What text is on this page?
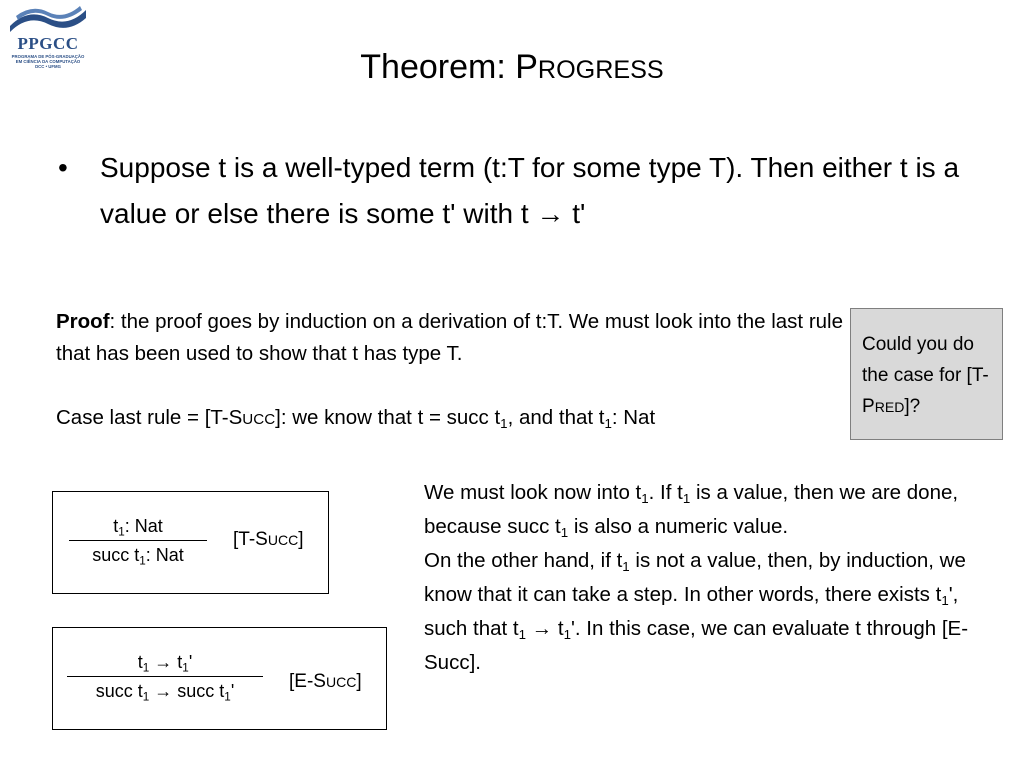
PPGCC
PROGRAMA DE PÓS-GRADUAÇÃO
EM CIÊNCIA DA COMPUTAÇÃO
DCC • UFMG	Theorem: PROGRESS
• Suppose t is a well-typed term (t:T for some type T). Then either t is a value or else there is some t' with t → t'

Proof: the proof goes by induction on a derivation of t:T. We must look into the last rule that has been used to show that t has type T.

Case last rule = [T-SUCC]: we know that t = succ $t_1$, and that $t_1$: Nat

Could you do the case for [T-PRED]?
$t_1$: Nat
succ $t_1$: Nat
[T-SUCC]
$t_1 \to t_1'$
succ $t_1$ → succ $t_1'$	[E-SUCC]

We must look now into $t_1$. If $t_1$ is a value, then we are done, because succ $t_1$ is also a numeric value.

On the other hand, if $t_1$ is not a value, then, by induction, we know that it can take a step. In other words, there exists $t_1'$, such that $t_1 \to t_1'$. In this case, we can evaluate t through [E-Succ].
